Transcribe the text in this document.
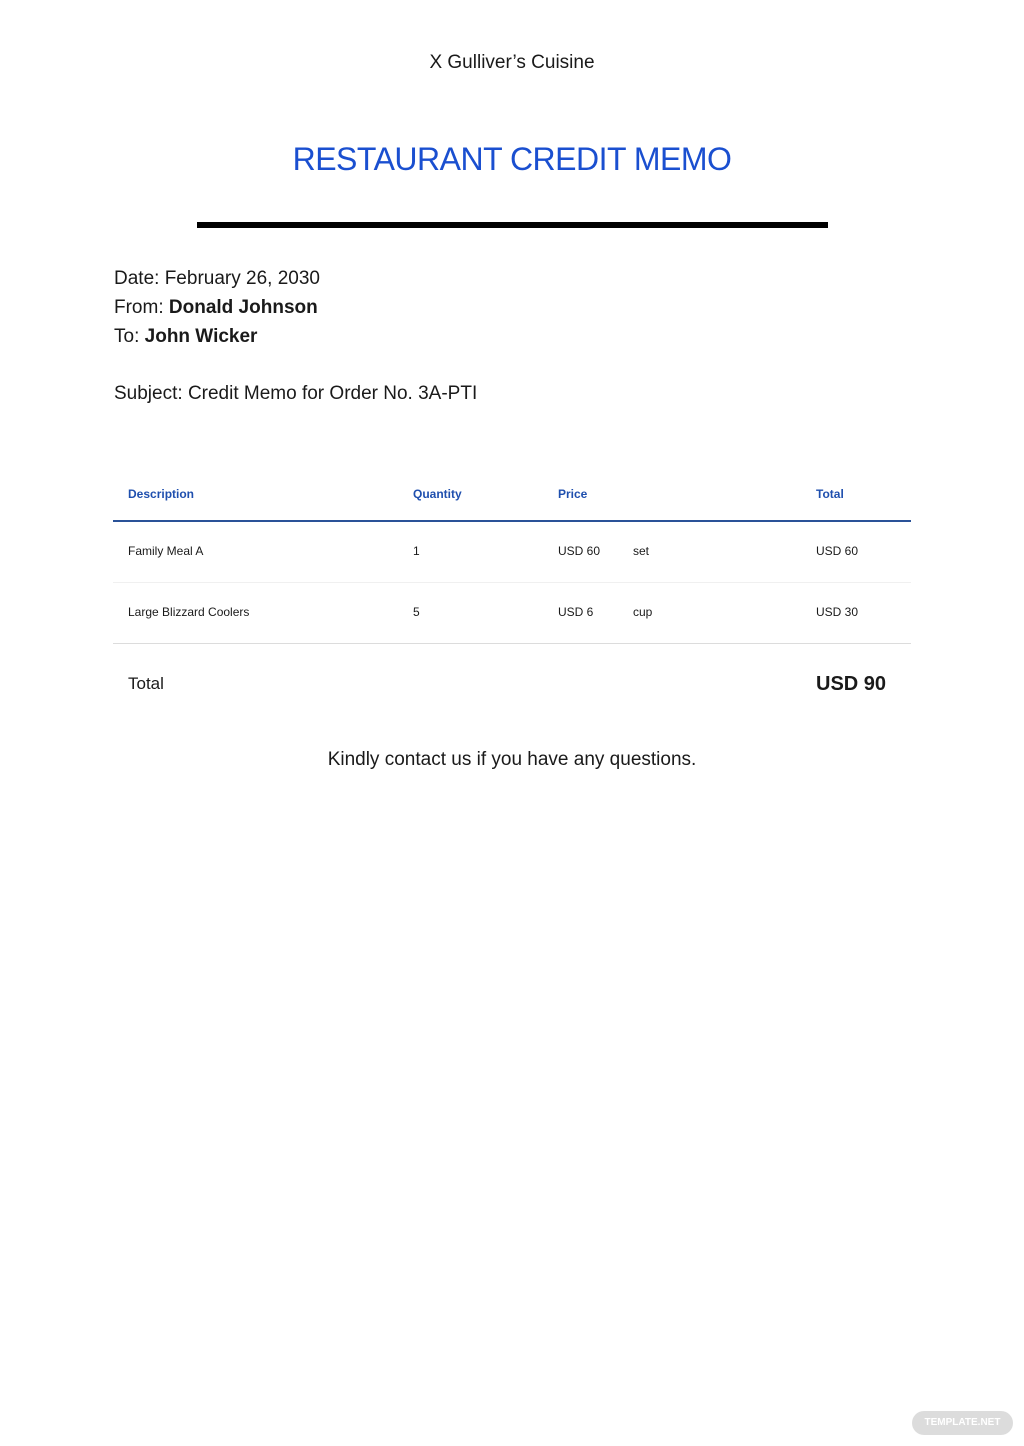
X Gulliver’s Cuisine
RESTAURANT CREDIT MEMO
Date: February 26, 2030
From: Donald Johnson
To: John Wicker
Subject: Credit Memo for Order No. 3A-PTI
Description	Quantity	Price	Total
Family Meal A	1	USD 60	set	USD 60
Large Blizzard Coolers	5	USD 6	cup	USD 30
Total	USD 90
Kindly contact us if you have any questions.
TEMPLATE.NET
